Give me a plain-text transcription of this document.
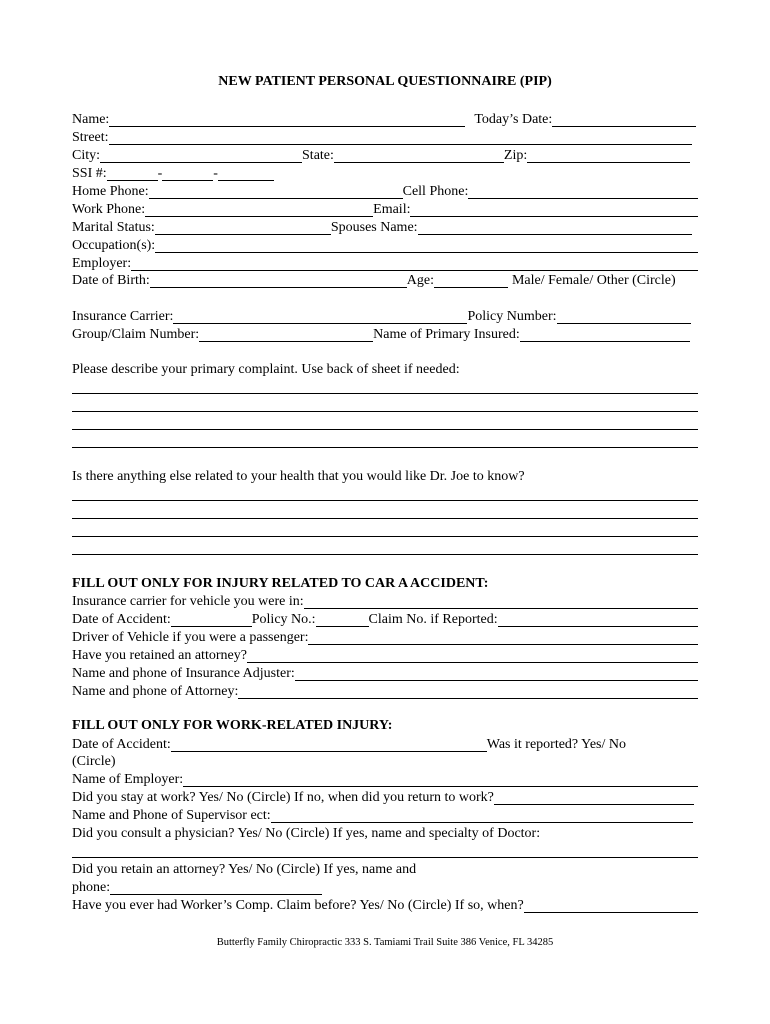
NEW PATIENT PERSONAL QUESTIONNAIRE (PIP)
Name:	Today’s Date:
Street:
City:	State:	Zip:
SSI #:	-	-
Home Phone:	Cell Phone:
Work Phone:	Email:
Marital Status:	Spouses Name:
Occupation(s):
Employer:
Date of Birth:	Age:	Male/ Female/ Other (Circle)
Insurance Carrier:	Policy Number:
Group/Claim Number:	Name of Primary Insured:
Please describe your primary complaint. Use back of sheet if needed:
Is there anything else related to your health that you would like Dr. Joe to know?
FILL OUT ONLY FOR INJURY RELATED TO CAR A ACCIDENT:
Insurance carrier for vehicle you were in:
Date of Accident:	Policy No.:	Claim No. if Reported:
Driver of Vehicle if you were a passenger:
Have you retained an attorney?
Name and phone of Insurance Adjuster:
Name and phone of Attorney:
FILL OUT ONLY FOR WORK-RELATED INJURY:
Date of Accident:	Was it reported? Yes/ No
(Circle)
Name of Employer:
Did you stay at work? Yes/ No (Circle) If no, when did you return to work?
Name and Phone of Supervisor ect:
Did you consult a physician? Yes/ No (Circle) If yes, name and specialty of Doctor:
Did you retain an attorney? Yes/ No (Circle) If yes, name and
phone:
Have you ever had Worker’s Comp. Claim before? Yes/ No (Circle) If so, when?
Butterfly Family Chiropractic 333 S. Tamiami Trail Suite 386 Venice, FL 34285
